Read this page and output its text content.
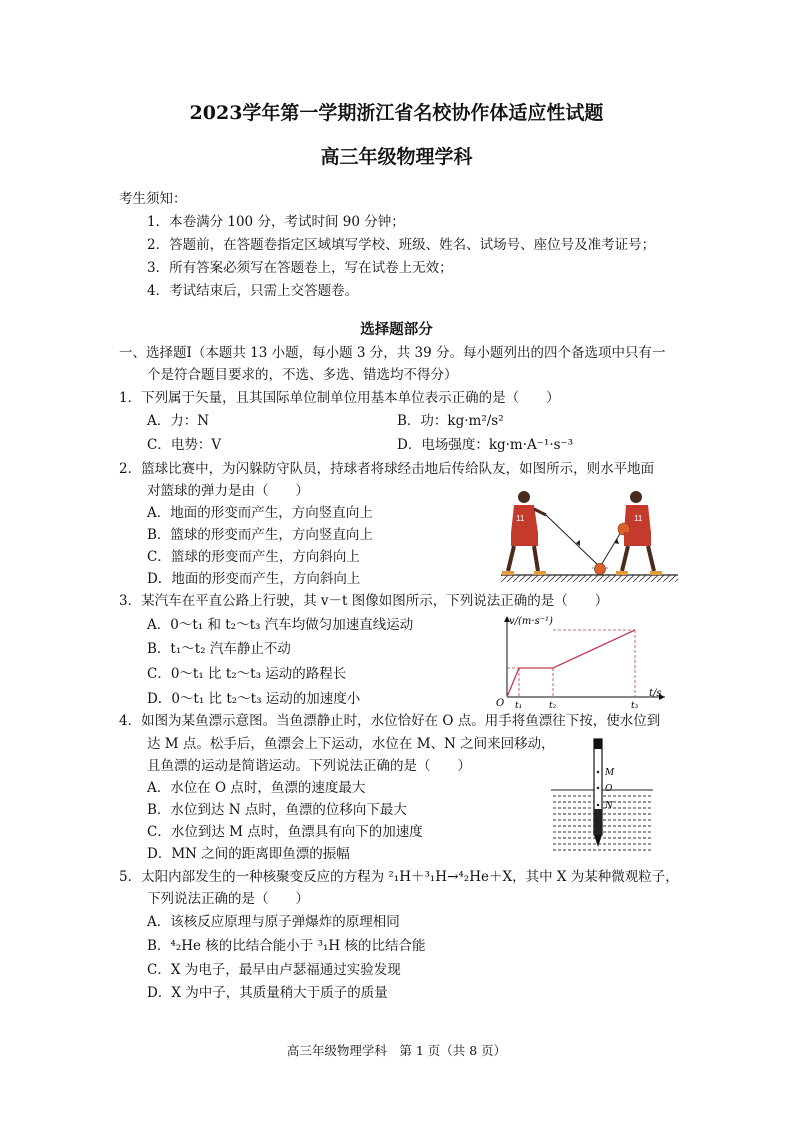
2023学年第一学期浙江省名校协作体适应性试题
高三年级物理学科
考生须知：
1．本卷满分 100 分，考试时间 90 分钟；
2．答题前，在答题卷指定区域填写学校、班级、姓名、试场号、座位号及准考证号；
3．所有答案必须写在答题卷上，写在试卷上无效；
4．考试结束后，只需上交答题卷。
选择题部分
一、选择题Ⅰ（本题共 13 小题，每小题 3 分，共 39 分。每小题列出的四个备选项中只有一
个是符合题目要求的，不选、多选、错选均不得分）
1．下列属于矢量，且其国际单位制单位用基本单位表示正确的是（　　）
A．力：N	B．功：kg·m²/s²
C．电势：V	D．电场强度：kg·m·A⁻¹·s⁻³
2．篮球比赛中，为闪躲防守队员，持球者将球经击地后传给队友，如图所示，则水平地面
对篮球的弹力是由（　　）
A．地面的形变而产生，方向竖直向上
B．篮球的形变而产生，方向竖直向上
C．篮球的形变而产生，方向斜向上
D．地面的形变而产生，方向斜向上
11	11
3．某汽车在平直公路上行驶，其 v－t 图像如图所示，下列说法正确的是（　　）
A．0～t₁ 和 t₂～t₃ 汽车均做匀加速直线运动
B．t₁～t₂ 汽车静止不动
C．0～t₁ 比 t₂～t₃ 运动的路程长
D．0～t₁ 比 t₂～t₃ 运动的加速度小
v/(m·s⁻¹)
t/s
O t₁	t₂	t₃
4．如图为某鱼漂示意图。当鱼漂静止时，水位恰好在 O 点。用手将鱼漂往下按，使水位到
达 M 点。松手后，鱼漂会上下运动，水位在 M、N 之间来回移动，
且鱼漂的运动是简谐运动。下列说法正确的是（　　）
A．水位在 O 点时，鱼漂的速度最大
B．水位到达 N 点时，鱼漂的位移向下最大
C．水位到达 M 点时，鱼漂具有向下的加速度
D．MN 之间的距离即鱼漂的振幅
M
O
N
5．太阳内部发生的一种核聚变反应的方程为 ²₁H＋³₁H→⁴₂He＋X，其中 X 为某种微观粒子，
下列说法正确的是（　　）
A．该核反应原理与原子弹爆炸的原理相同
B．⁴₂He 核的比结合能小于 ³₁H 核的比结合能
C．X 为电子，最早由卢瑟福通过实验发现
D．X 为中子，其质量稍大于质子的质量
高三年级物理学科　第 1 页（共 8 页）
